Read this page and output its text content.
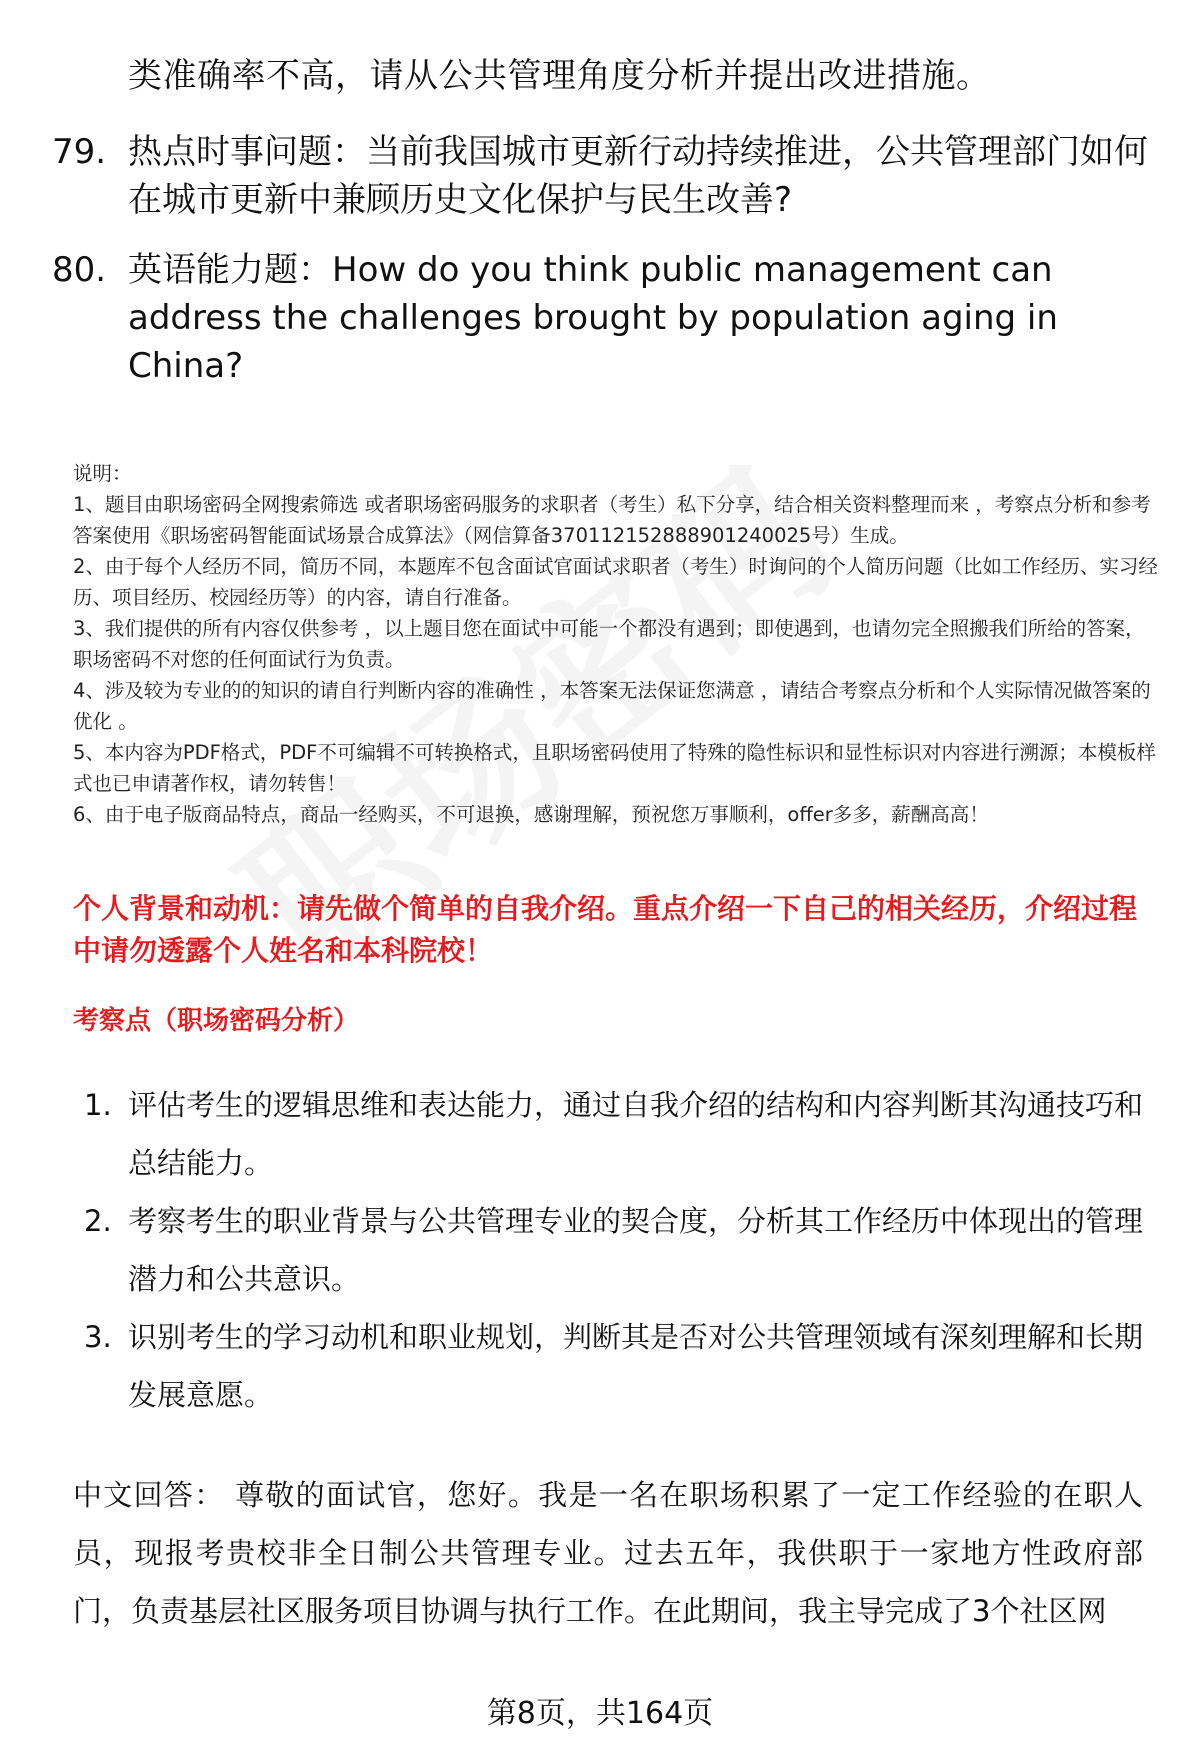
类准确率不高，请从公共管理角度分析并提出改进措施。
79. 热点时事问题：当前我国城市更新行动持续推进，公共管理部门如何在城市更新中兼顾历史文化保护与民生改善?
80. 英语能力题：How do you think public management can address the challenges brought by population aging in China?

说明：

1、题目由职场密码全网搜索筛选 或者职场密码服务的求职者（考生）私下分享，结合相关资料整理而来 ，考察点分析和参考答案使用《职场密码智能面试场景合成算法》（网信算备370112152888901240025号）生成。

2、由于每个人经历不同，简历不同，本题库不包含面试官面试求职者（考生）时询问的个人简历问题（比如工作经历、实习经历、项目经历、校园经历等）的内容，请自行准备。

3、我们提供的所有内容仅供参考 ，以上题目您在面试中可能一个都没有遇到；即使遇到，也请勿完全照搬我们所给的答案，职场密码不对您的任何面试行为负责。

4、涉及较为专业的的知识的请自行判断内容的准确性 ，本答案无法保证您满意 ，请结合考察点分析和个人实际情况做答案的优化 。

5、本内容为PDF格式，PDF不可编辑不可转换格式，且职场密码使用了特殊的隐性标识和显性标识对内容进行溯源；本模板样式也已申请著作权，请勿转售！

6、由于电子版商品特点，商品一经购买，不可退换，感谢理解，预祝您万事顺利，offer多多，薪酬高高！

个人背景和动机：请先做个简单的自我介绍。重点介绍一下自己的相关经历，介绍过程中请勿透露个人姓名和本科院校！
考察点（职场密码分析）
1. 评估考生的逻辑思维和表达能力，通过自我介绍的结构和内容判断其沟通技巧和总结能力。
2. 考察考生的职业背景与公共管理专业的契合度，分析其工作经历中体现出的管理潜力和公共意识。
3. 识别考生的学习动机和职业规划，判断其是否对公共管理领域有深刻理解和长期发展意愿。
中文回答： 尊敬的面试官，您好。我是一名在职场积累了一定工作经验的在职人员，现报考贵校非全日制公共管理专业。过去五年，我供职于一家地方性政府部门，负责基层社区服务项目协调与执行工作。在此期间，我主导完成了3个社区网
第8页，共164页
